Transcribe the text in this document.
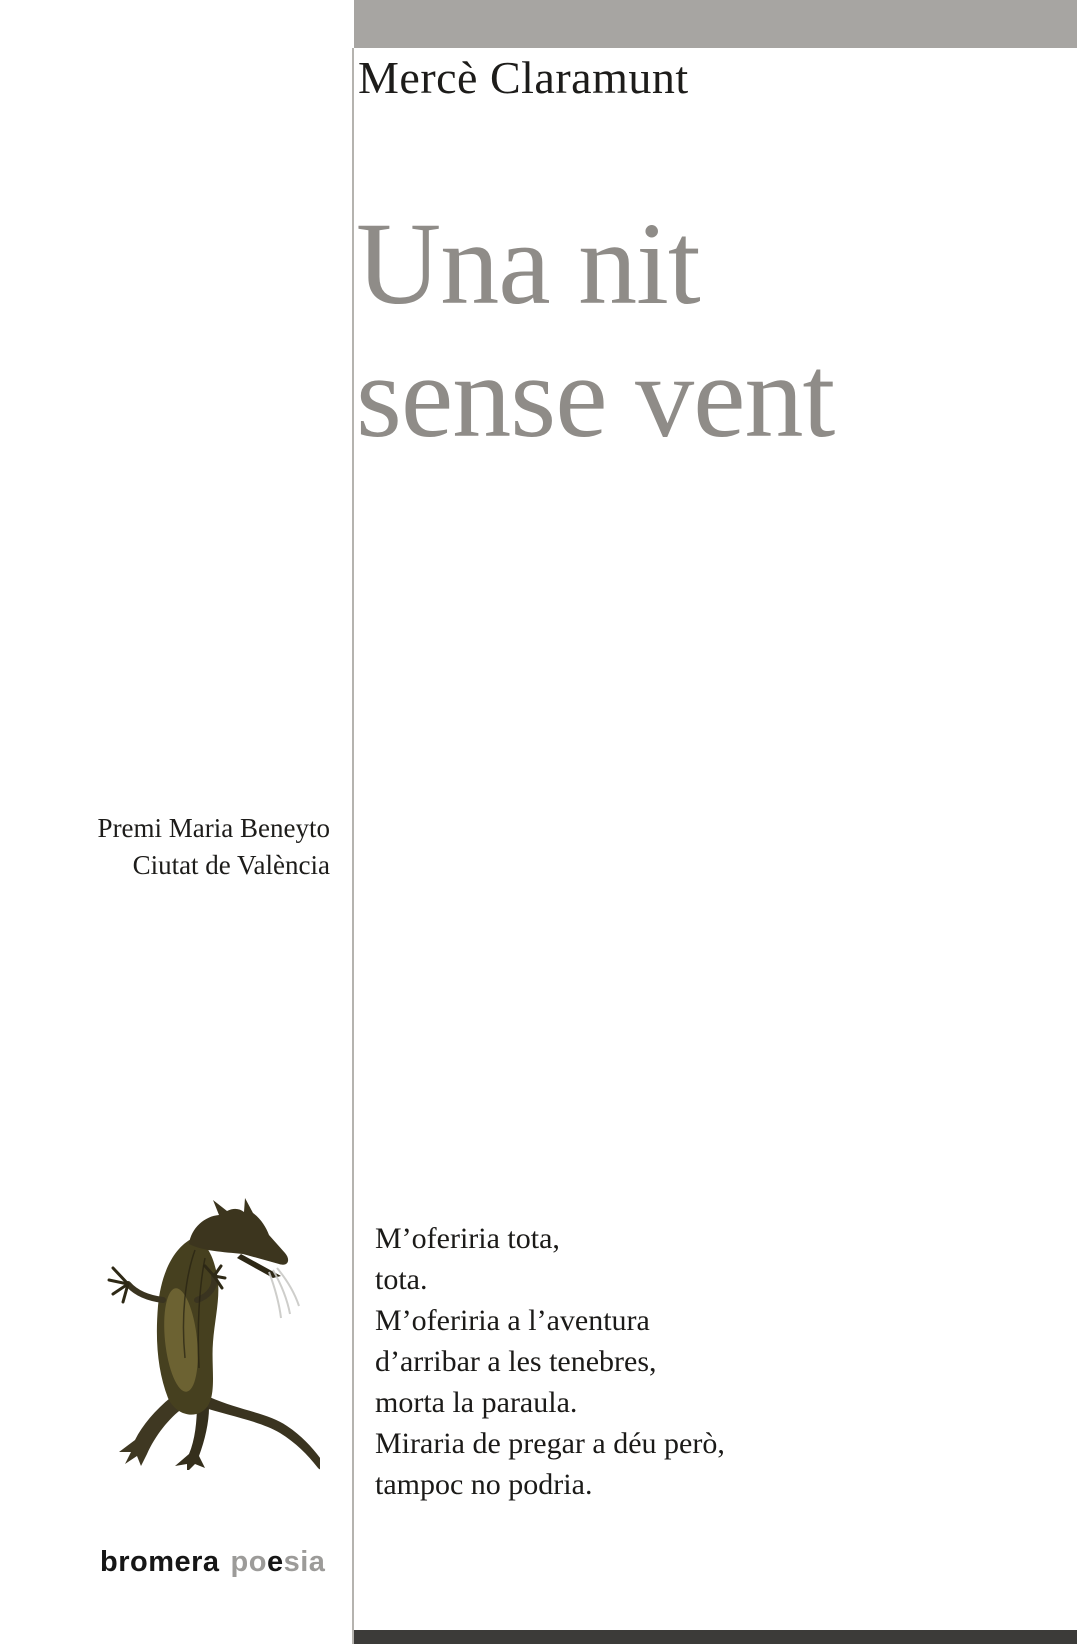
Mercè Claramunt
Una nit
sense vent
Premi Maria Beneyto
Ciutat de València
M’oferiria tota,
tota.
M’oferiria a l’aventura
d’arribar a les tenebres,
morta la paraula.
Miraria de pregar a déu però,
tampoc no podria.
bromera poesia
